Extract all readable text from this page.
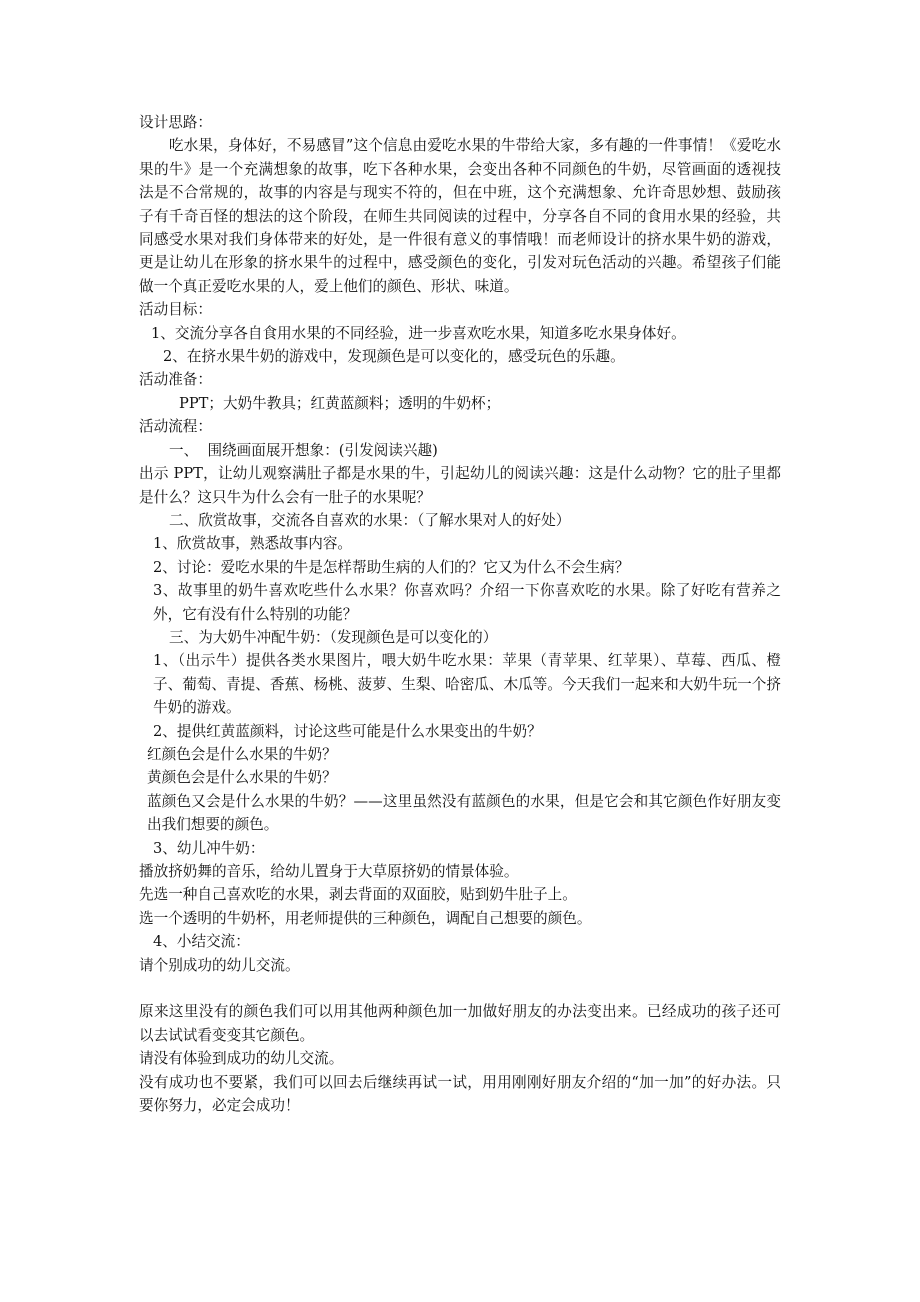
设计思路：

吃水果，身体好，不易感冒”这个信息由爱吃水果的牛带给大家，多有趣的一件事情！《爱吃水果的牛》是一个充满想象的故事，吃下各种水果，会变出各种不同颜色的牛奶，尽管画面的透视技法是不合常规的，故事的内容是与现实不符的，但在中班，这个充满想象、允许奇思妙想、鼓励孩子有千奇百怪的想法的这个阶段，在师生共同阅读的过程中，分享各自不同的食用水果的经验，共同感受水果对我们身体带来的好处，是一件很有意义的事情哦！而老师设计的挤水果牛奶的游戏，更是让幼儿在形象的挤水果牛的过程中，感受颜色的变化，引发对玩色活动的兴趣。希望孩子们能做一个真正爱吃水果的人，爱上他们的颜色、形状、味道。

活动目标：

1、交流分享各自食用水果的不同经验，进一步喜欢吃水果，知道多吃水果身体好。

2、在挤水果牛奶的游戏中，发现颜色是可以变化的，感受玩色的乐趣。

活动准备：

PPT；大奶牛教具；红黄蓝颜料；透明的牛奶杯；

活动流程：

一、  围绕画面展开想象：(引发阅读兴趣)

出示 PPT，让幼儿观察满肚子都是水果的牛，引起幼儿的阅读兴趣：这是什么动物？它的肚子里都是什么？这只牛为什么会有一肚子的水果呢？

二、欣赏故事，交流各自喜欢的水果：（了解水果对人的好处）

1、欣赏故事，熟悉故事内容。

2、讨论：爱吃水果的牛是怎样帮助生病的人们的？它又为什么不会生病？

3、故事里的奶牛喜欢吃些什么水果？你喜欢吗？介绍一下你喜欢吃的水果。除了好吃有营养之外，它有没有什么特别的功能？

三、为大奶牛冲配牛奶：（发现颜色是可以变化的）

1、（出示牛）提供各类水果图片，喂大奶牛吃水果：苹果（青苹果、红苹果）、草莓、西瓜、橙子、葡萄、青提、香蕉、杨桃、菠萝、生梨、哈密瓜、木瓜等。今天我们一起来和大奶牛玩一个挤牛奶的游戏。

2、提供红黄蓝颜料，讨论这些可能是什么水果变出的牛奶？

红颜色会是什么水果的牛奶？

黄颜色会是什么水果的牛奶？

蓝颜色又会是什么水果的牛奶？——这里虽然没有蓝颜色的水果，但是它会和其它颜色作好朋友变出我们想要的颜色。

3、幼儿冲牛奶：

播放挤奶舞的音乐，给幼儿置身于大草原挤奶的情景体验。

先选一种自己喜欢吃的水果，剥去背面的双面胶，贴到奶牛肚子上。

选一个透明的牛奶杯，用老师提供的三种颜色，调配自己想要的颜色。

4、小结交流：

请个别成功的幼儿交流。

原来这里没有的颜色我们可以用其他两种颜色加一加做好朋友的办法变出来。已经成功的孩子还可以去试试看变变其它颜色。

请没有体验到成功的幼儿交流。

没有成功也不要紧，我们可以回去后继续再试一试，用用刚刚好朋友介绍的“加一加”的好办法。只要你努力，必定会成功！
